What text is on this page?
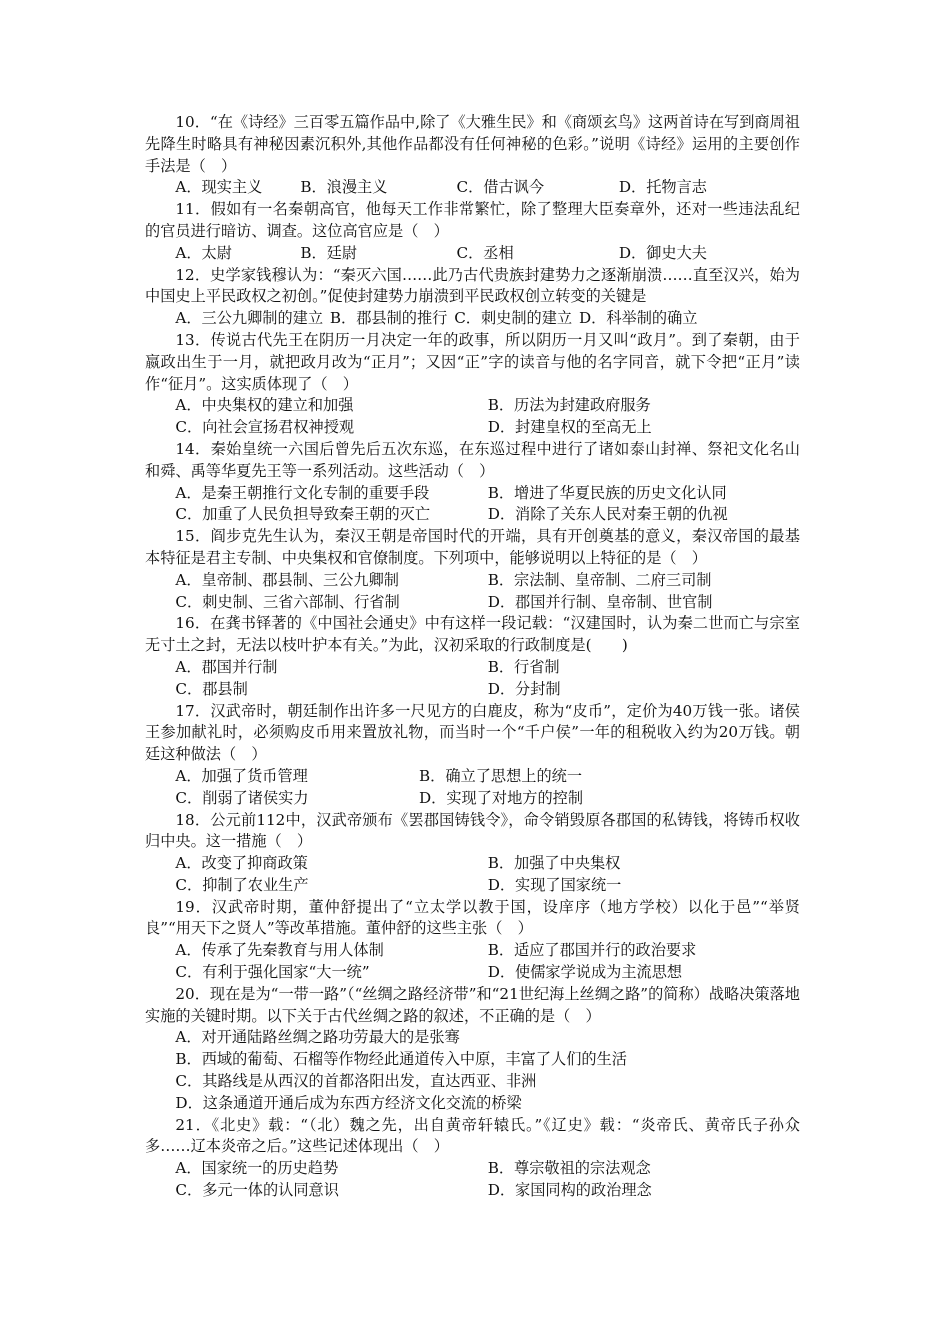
10．“在《诗经》三百零五篇作品中,除了《大雅生民》和《商颂玄鸟》这两首诗在写到商周祖先降生时略具有神秘因素沉积外,其他作品都没有任何神秘的色彩。”说明《诗经》运用的主要创作手法是（　）

A．现实主义	B．浪漫主义	C．借古讽今	D．托物言志

11．假如有一名秦朝高官，他每天工作非常繁忙，除了整理大臣奏章外，还对一些违法乱纪的官员进行暗访、调查。这位高官应是（　）

A．太尉	B．廷尉	C．丞相	D．御史大夫

12．史学家钱穆认为：“秦灭六国……此乃古代贵族封建势力之逐渐崩溃……直至汉兴，始为中国史上平民政权之初创。”促使封建势力崩溃到平民政权创立转变的关键是

A．三公九卿制的建立 B．郡县制的推行 C．刺史制的建立 D．科举制的确立

13．传说古代先王在阴历一月决定一年的政事，所以阴历一月又叫“政月”。到了秦朝，由于嬴政出生于一月，就把政月改为“正月”；又因“正”字的读音与他的名字同音，就下令把“正月”读作“征月”。这实质体现了（　）

A．中央集权的建立和加强	B．历法为封建政府服务
C．向社会宣扬君权神授观	D．封建皇权的至高无上

14．秦始皇统一六国后曾先后五次东巡，在东巡过程中进行了诸如泰山封禅、祭祀文化名山和舜、禹等华夏先王等一系列活动。这些活动（　）

A．是秦王朝推行文化专制的重要手段	B．增进了华夏民族的历史文化认同
C．加重了人民负担导致秦王朝的灭亡	D．消除了关东人民对秦王朝的仇视

15．阎步克先生认为，秦汉王朝是帝国时代的开端，具有开创奠基的意义，秦汉帝国的最基本特征是君主专制、中央集权和官僚制度。下列项中，能够说明以上特征的是（　）

A．皇帝制、郡县制、三公九卿制	B．宗法制、皇帝制、二府三司制
C．刺史制、三省六部制、行省制	D．郡国并行制、皇帝制、世官制

16．在龚书铎著的《中国社会通史》中有这样一段记载：“汉建国时，认为秦二世而亡与宗室无寸土之封，无法以枝叶护本有关。”为此，汉初采取的行政制度是(　　)

A．郡国并行制	B．行省制
C．郡县制	D．分封制

17．汉武帝时，朝廷制作出许多一尺见方的白鹿皮，称为“皮币”，定价为40万钱一张。诸侯王参加献礼时，必须购皮币用来置放礼物，而当时一个“千户侯”一年的租税收入约为20万钱。朝廷这种做法（　）

A．加强了货币管理	B．确立了思想上的统一
C．削弱了诸侯实力	D．实现了对地方的控制

18．公元前112中，汉武帝颁布《罢郡国铸钱令》，命令销毁原各郡国的私铸钱，将铸币权收归中央。这一措施（　）

A．改变了抑商政策	B．加强了中央集权
C．抑制了农业生产	D．实现了国家统一

19．汉武帝时期，董仲舒提出了“立太学以教于国，设庠序（地方学校）以化于邑”“举贤良”“用天下之贤人”等改革措施。董仲舒的这些主张（　）

A．传承了先秦教育与用人体制	B．适应了郡国并行的政治要求
C．有利于强化国家“大一统”	D．使儒家学说成为主流思想

20．现在是为“一带一路”（“丝绸之路经济带”和“21世纪海上丝绸之路”的简称）战略决策落地实施的关键时期。以下关于古代丝绸之路的叙述，不正确的是（　）

A．对开通陆路丝绸之路功劳最大的是张骞
B．西域的葡萄、石榴等作物经此通道传入中原，丰富了人们的生活
C．其路线是从西汉的首都洛阳出发，直达西亚、非洲
D．这条通道开通后成为东西方经济文化交流的桥梁

21．《北史》载：“（北）魏之先，出自黄帝轩辕氏。”《辽史》载：“炎帝氏、黄帝氏子孙众多……辽本炎帝之后。”这些记述体现出（　）

A．国家统一的历史趋势	B．尊宗敬祖的宗法观念
C．多元一体的认同意识	D．家国同构的政治理念
